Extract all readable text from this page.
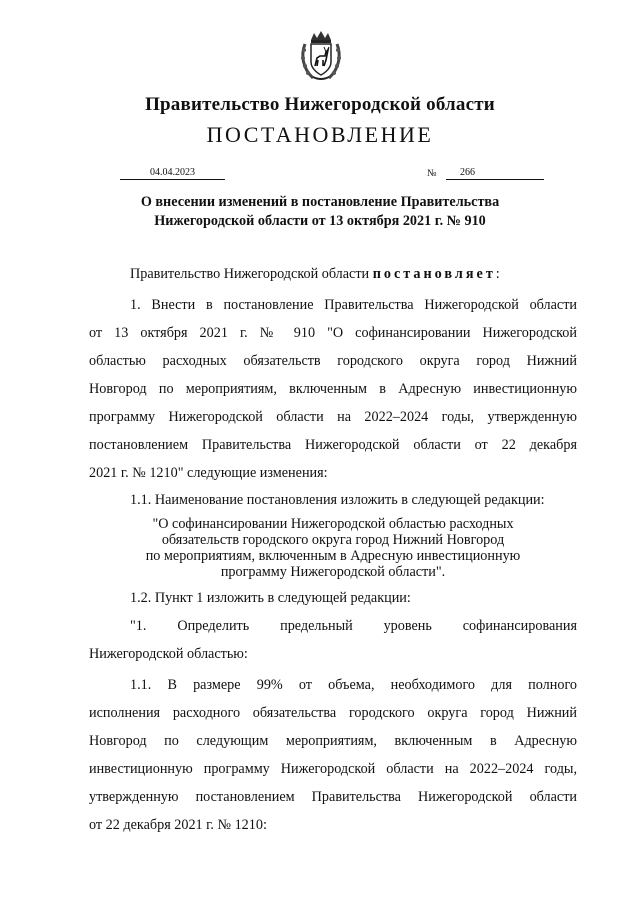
Правительство Нижегородской области
ПОСТАНОВЛЕНИЕ
04.04.2023	№	266
О внесении изменений в постановление Правительства
Нижегородской области от 13 октября 2021 г. № 910

Правительство Нижегородской области постановляет:

1. Внести в постановление Правительства Нижегородской области
от 13 октября 2021 г. № 910 "О софинансировании Нижегородской
областью расходных обязательств городского округа город Нижний
Новгород по мероприятиям, включенным в Адресную инвестиционную
программу Нижегородской области на 2022–2024 годы, утвержденную
постановлением Правительства Нижегородской области от 22 декабря
2021 г. № 1210" следующие изменения:

1.1. Наименование постановления изложить в следующей редакции:

"О софинансировании Нижегородской областью расходных
обязательств городского округа город Нижний Новгород
по мероприятиям, включенным в Адресную инвестиционную
программу Нижегородской области".

1.2. Пункт 1 изложить в следующей редакции:

"1. Определить предельный уровень софинансирования
Нижегородской областью:

1.1. В размере 99% от объема, необходимого для полного
исполнения расходного обязательства городского округа город Нижний
Новгород по следующим мероприятиям, включенным в Адресную
инвестиционную программу Нижегородской области на 2022–2024 годы,
утвержденную постановлением Правительства Нижегородской области
от 22 декабря 2021 г. № 1210:
